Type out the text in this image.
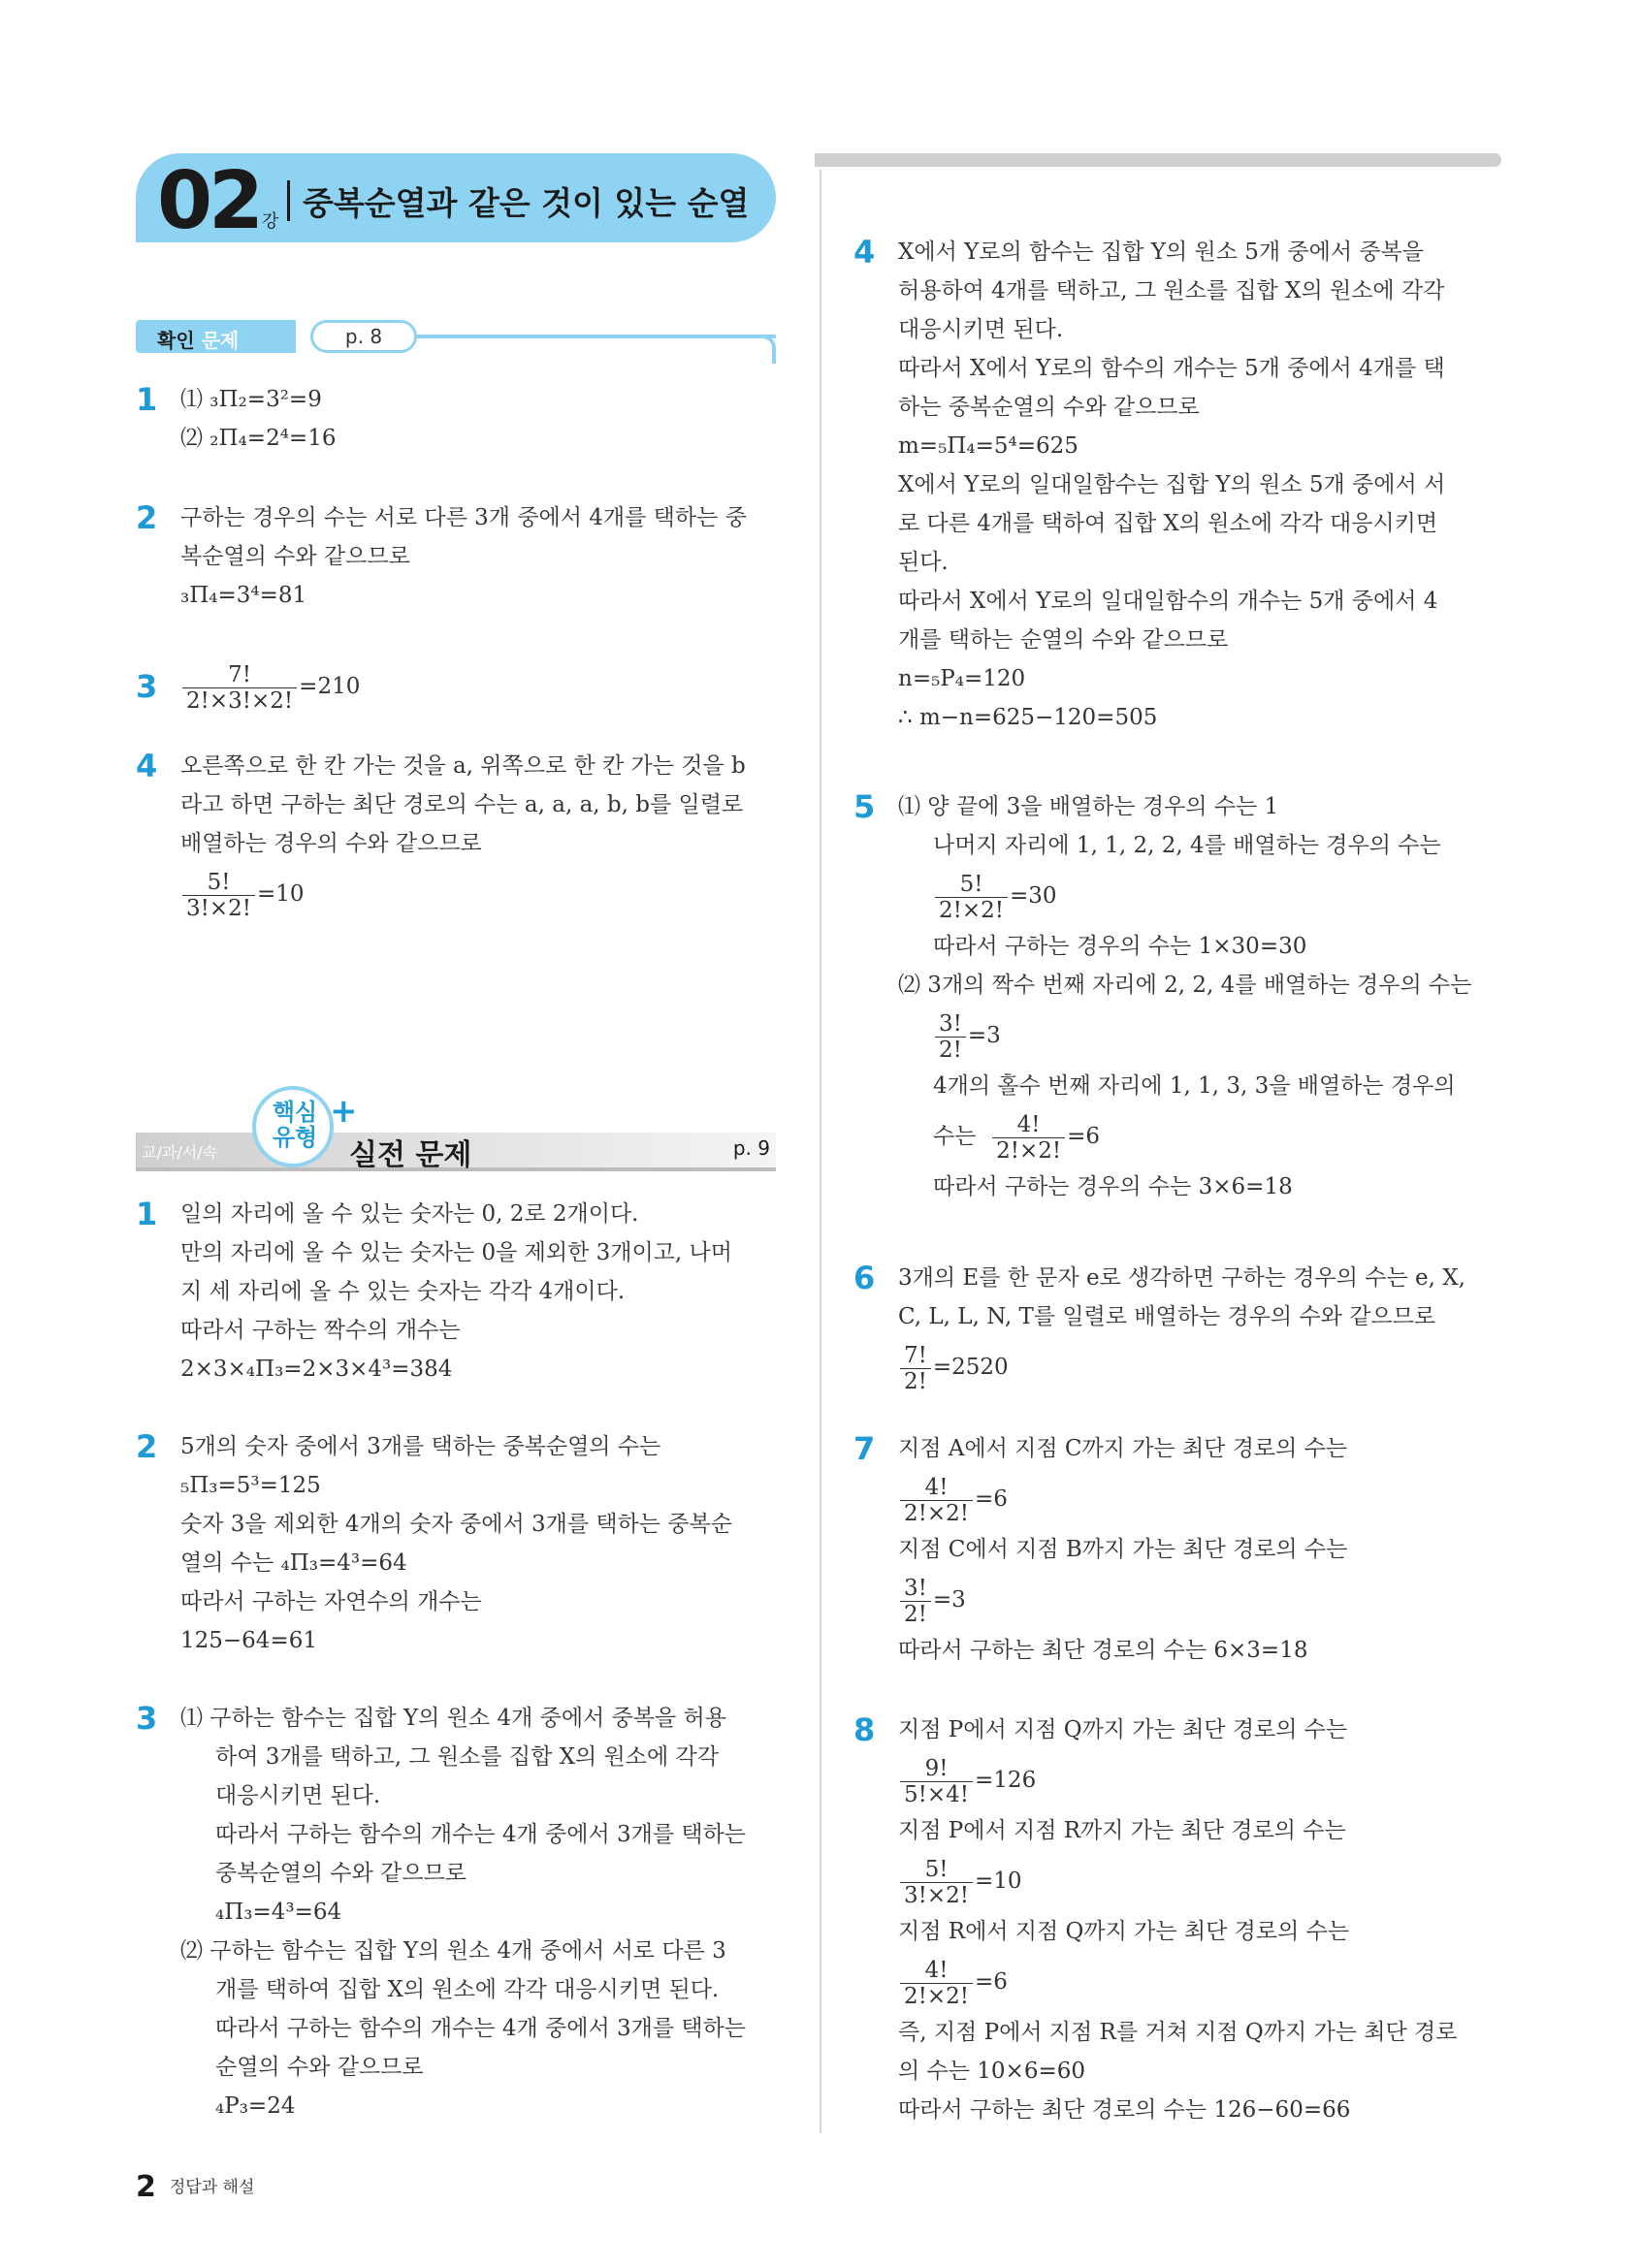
02 강 중복순열과 같은 것이 있는 순열
확인 문제	p. 8
1 ⑴ ₃Π₂=3²=9
⑵ ₂Π₄=2⁴=16
2 구하는 경우의 수는 서로 다른 3개 중에서 4개를 택하는 중
복순열의 수와 같으므로
₃Π₄=3⁴=81
$3 \frac{7!}{2!\times 3!\times 2!} =210$
4 오른쪽으로 한 칸 가는 것을 a, 위쪽으로 한 칸 가는 것을 b
라고 하면 구하는 최단 경로의 수는 a, a, a, b, b를 일렬로
배열하는 경우의 수와 같으므로
$\frac{5!}{3!\times 2!} =10$
교/과/서/속
핵심
유형
+
실전 문제	p. 9
1 일의 자리에 올 수 있는 숫자는 0, 2로 2개이다.
만의 자리에 올 수 있는 숫자는 0을 제외한 3개이고, 나머
지 세 자리에 올 수 있는 숫자는 각각 4개이다.
따라서 구하는 짝수의 개수는
2×3×₄Π₃=2×3×4³=384
2 5개의 숫자 중에서 3개를 택하는 중복순열의 수는
₅Π₃=5³=125
숫자 3을 제외한 4개의 숫자 중에서 3개를 택하는 중복순
열의 수는 ₄Π₃=4³=64
따라서 구하는 자연수의 개수는
125−64=61
3 ⑴ 구하는 함수는 집합 Y의 원소 4개 중에서 중복을 허용
하여 3개를 택하고, 그 원소를 집합 X의 원소에 각각
대응시키면 된다.
따라서 구하는 함수의 개수는 4개 중에서 3개를 택하는
중복순열의 수와 같으므로
₄Π₃=4³=64
⑵ 구하는 함수는 집합 Y의 원소 4개 중에서 서로 다른 3
개를 택하여 집합 X의 원소에 각각 대응시키면 된다.
따라서 구하는 함수의 개수는 4개 중에서 3개를 택하는
순열의 수와 같으므로
₄P₃=24
4 X에서 Y로의 함수는 집합 Y의 원소 5개 중에서 중복을
허용하여 4개를 택하고, 그 원소를 집합 X의 원소에 각각
대응시키면 된다.
따라서 X에서 Y로의 함수의 개수는 5개 중에서 4개를 택
하는 중복순열의 수와 같으므로
m=₅Π₄=5⁴=625
X에서 Y로의 일대일함수는 집합 Y의 원소 5개 중에서 서
로 다른 4개를 택하여 집합 X의 원소에 각각 대응시키면
된다.
따라서 X에서 Y로의 일대일함수의 개수는 5개 중에서 4
개를 택하는 순열의 수와 같으므로
n=₅P₄=120
∴ m−n=625−120=505
5 ⑴ 양 끝에 3을 배열하는 경우의 수는 1
나머지 자리에 1, 1, 2, 2, 4를 배열하는 경우의 수는
$\frac{5!}{2!\times 2!} =30$
따라서 구하는 경우의 수는 1×30=30
⑵ 3개의 짝수 번째 자리에 2, 2, 4를 배열하는 경우의 수는
$\frac{3!}{2!} =3$
4개의 홀수 번째 자리에 1, 1, 3, 3을 배열하는 경우의
수는 $\frac{4!}{2!\times 2!} =6$
따라서 구하는 경우의 수는 3×6=18
6 3개의 E를 한 문자 e로 생각하면 구하는 경우의 수는 e, X,
C, L, L, N, T를 일렬로 배열하는 경우의 수와 같으므로
$\frac{7!}{2!} =2520$
7 지점 A에서 지점 C까지 가는 최단 경로의 수는
$\frac{4!}{2!\times 2!} =6$
지점 C에서 지점 B까지 가는 최단 경로의 수는
$\frac{3!}{2!} =3$
따라서 구하는 최단 경로의 수는 6×3=18
8 지점 P에서 지점 Q까지 가는 최단 경로의 수는
$\frac{9!}{5!\times 4!} =126$
지점 P에서 지점 R까지 가는 최단 경로의 수는
$\frac{5!}{3!\times 2!} =10$
지점 R에서 지점 Q까지 가는 최단 경로의 수는
$\frac{4!}{2!\times 2!} =6$
즉, 지점 P에서 지점 R를 거쳐 지점 Q까지 가는 최단 경로
의 수는 10×6=60
따라서 구하는 최단 경로의 수는 126−60=66
2 정답과 해설
